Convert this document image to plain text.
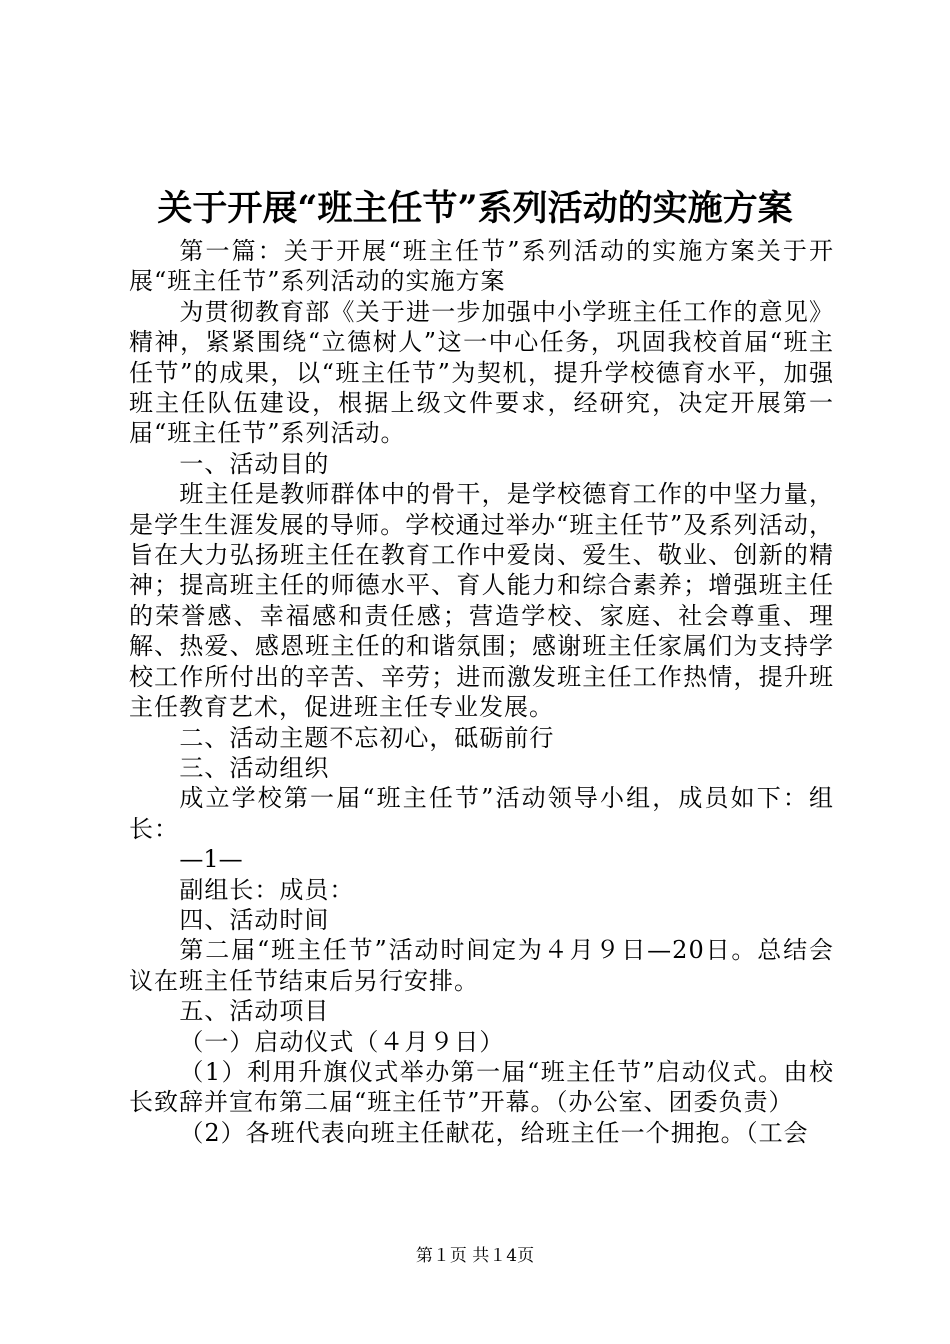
关于开展“班主任节”系列活动的实施方案

第一篇：关于开展“班主任节”系列活动的实施方案关于开展“班主任节”系列活动的实施方案

为贯彻教育部《关于进一步加强中小学班主任工作的意见》精神，紧紧围绕“立德树人”这一中心任务，巩固我校首届“班主任节”的成果，以“班主任节”为契机，提升学校德育水平，加强班主任队伍建设，根据上级文件要求，经研究，决定开展第一届“班主任节”系列活动。

一、活动目的

班主任是教师群体中的骨干，是学校德育工作的中坚力量，是学生生涯发展的导师。学校通过举办“班主任节”及系列活动，旨在大力弘扬班主任在教育工作中爱岗、爱生、敬业、创新的精神；提高班主任的师德水平、育人能力和综合素养；增强班主任的荣誉感、幸福感和责任感；营造学校、家庭、社会尊重、理解、热爱、感恩班主任的和谐氛围；感谢班主任家属们为支持学校工作所付出的辛苦、辛劳；进而激发班主任工作热情，提升班主任教育艺术，促进班主任专业发展。

二、活动主题不忘初心，砥砺前行

三、活动组织

成立学校第一届“班主任节”活动领导小组，成员如下：组长：

—1—

副组长：成员：

四、活动时间

第二届“班主任节”活动时间定为４月９日—20日。总结会议在班主任节结束后另行安排。

五、活动项目

（一）启动仪式（４月９日）

（1）利用升旗仪式举办第一届“班主任节”启动仪式。由校长致辞并宣布第二届“班主任节”开幕。（办公室、团委负责）

（2）各班代表向班主任献花，给班主任一个拥抱。（工会

第１页 共１4页
